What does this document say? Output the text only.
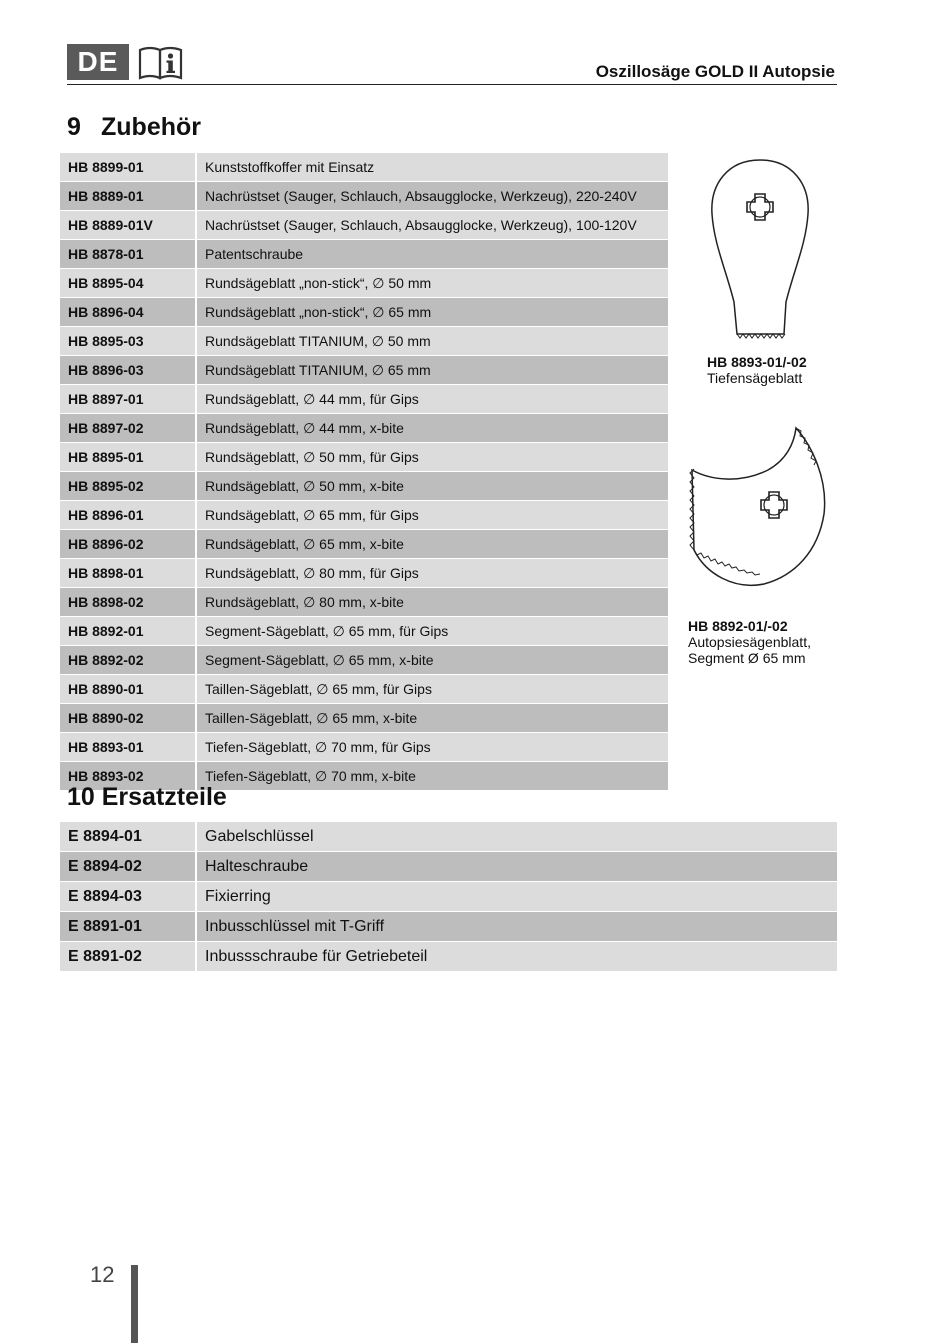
DE	Oszillosäge GOLD II Autopsie
9 Zubehör
HB 8899-01	Kunststoffkoffer mit Einsatz
HB 8889-01	Nachrüstset (Sauger, Schlauch, Absaugglocke, Werkzeug), 220-240V
HB 8889-01V	Nachrüstset (Sauger, Schlauch, Absaugglocke, Werkzeug), 100-120V
HB 8878-01	Patentschraube
HB 8895-04	Rundsägeblatt „non-stick“, ∅ 50 mm
HB 8896-04	Rundsägeblatt „non-stick“, ∅ 65 mm
HB 8895-03	Rundsägeblatt TITANIUM, ∅ 50 mm
HB 8896-03	Rundsägeblatt TITANIUM, ∅ 65 mm
HB 8897-01	Rundsägeblatt, ∅ 44 mm, für Gips
HB 8897-02	Rundsägeblatt, ∅ 44 mm, x-bite
HB 8895-01	Rundsägeblatt, ∅ 50 mm, für Gips
HB 8895-02	Rundsägeblatt, ∅ 50 mm, x-bite
HB 8896-01	Rundsägeblatt, ∅ 65 mm, für Gips
HB 8896-02	Rundsägeblatt, ∅ 65 mm, x-bite
HB 8898-01	Rundsägeblatt, ∅ 80 mm, für Gips
HB 8898-02	Rundsägeblatt, ∅ 80 mm, x-bite
HB 8892-01	Segment-Sägeblatt, ∅ 65 mm, für Gips
HB 8892-02	Segment-Sägeblatt, ∅ 65 mm, x-bite
HB 8890-01	Taillen-Sägeblatt, ∅ 65 mm, für Gips
HB 8890-02	Taillen-Sägeblatt, ∅ 65 mm, x-bite
HB 8893-01	Tiefen-Sägeblatt, ∅ 70 mm, für Gips
HB 8893-02	Tiefen-Sägeblatt, ∅ 70 mm, x-bite
HB 8893-01/-02
Tiefensägeblatt
HB 8892-01/-02
Autopsiesägenblatt,
Segment Ø 65 mm
10 Ersatzteile
E 8894-01	Gabelschlüssel
E 8894-02	Halteschraube
E 8894-03	Fixierring
E 8891-01	Inbusschlüssel mit T-Griff
E 8891-02	Inbussschraube für Getriebeteil
12
